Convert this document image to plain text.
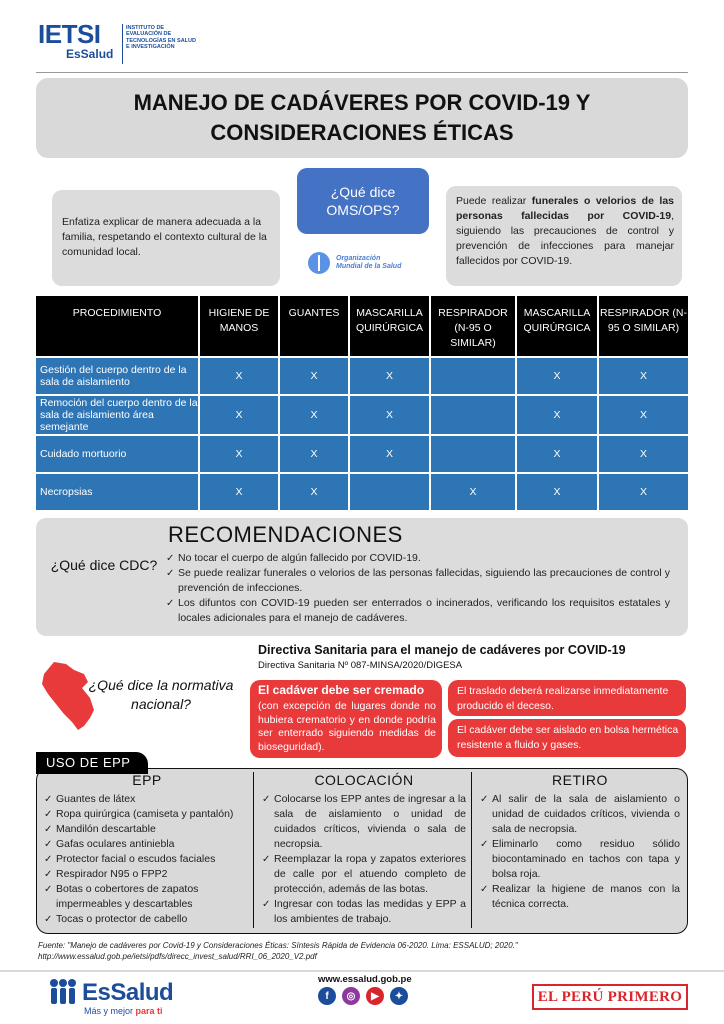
IETSI
EsSalud
INSTITUTO DE EVALUACIÓN DE TECNOLOGÍAS EN SALUD E INVESTIGACIÓN
MANEJO DE CADÁVERES POR COVID-19 Y CONSIDERACIONES ÉTICAS

Enfatiza explicar de manera adecuada a la familia, respetando el contexto cultural de la comunidad local.

Puede realizar funerales o velorios de las personas fallecidas por COVID-19, siguiendo las precauciones de control y prevención de infecciones para manejar fallecidos por COVID-19.

¿Qué dice OMS/OPS?
Organización Mundial de la Salud
PROCEDIMIENTO	HIGIENE DE MANOS
GUANTES	MASCARILLA QUIRÚRGICA
RESPIRADOR (N-95 O SIMILAR)
MASCARILLA QUIRÚRGICA
RESPIRADOR (N-95 O SIMILAR)
Gestión del cuerpo dentro de la sala de aislamiento	X	X	X	X	X
Remoción del cuerpo dentro de la sala de aislamiento área semejante
X	X	X	X	X
Cuidado mortuorio	X	X	X	X	X
Necropsias	X	X	X	X	X
RECOMENDACIONES
¿Qué dice CDC?
✓	No tocar el cuerpo de algún fallecido por COVID-19.
✓ Se puede realizar funerales o velorios de las personas fallecidas, siguiendo las precauciones de control y prevención de infecciones.
✓ Los difuntos con COVID-19 pueden ser enterrados o incinerados, verificando los requisitos estatales y locales adicionales para el manejo de cadáveres.
¿Qué dice la normativa nacional?
Directiva Sanitaria para el manejo de cadáveres por COVID-19
Directiva Sanitaria Nº 087-MINSA/2020/DIGESA
El cadáver debe ser cremado
(con excepción de lugares donde no hubiera crematorio y en donde podría ser enterrado siguiendo medidas de bioseguridad).

El traslado deberá realizarse inmediatamente producido el deceso.

El cadáver debe ser aislado en bolsa hermética resistente a fluido y gases.

USO DE EPP
EPP
✓ Guantes de látex
✓ Ropa quirúrgica (camiseta y pantalón)
✓ Mandilón descartable
✓ Gafas oculares antiniebla
✓ Protector facial o escudos faciales
✓ Respirador N95 o FPP2
✓ Botas o cobertores de zapatos impermeables y descartables
✓ Tocas o protector de cabello
COLOCACIÓN
✓ Colocarse los EPP antes de ingresar a la sala de aislamiento o unidad de cuidados críticos, vivienda o sala de necropsia.
✓ Reemplazar la ropa y zapatos exteriores de calle por el atuendo completo de protección, además de las botas.
✓ Ingresar con todas las medidas y EPP a los ambientes de trabajo.
RETIRO
✓ Al salir de la sala de aislamiento o unidad de cuidados críticos, vivienda o sala de necropsia.
✓ Eliminarlo como residuo sólido biocontaminado en tachos con tapa y bolsa roja.
✓ Realizar la higiene de manos con la técnica correcta.
Fuente: "Manejo de cadáveres por Covid-19 y Consideraciones Éticas: Síntesis Rápida de Evidencia 06-2020. Lima: ESSALUD; 2020." http://www.essalud.gob.pe/ietsi/pdfs/direcc_invest_salud/RRI_06_2020_V2.pdf
EsSalud
Más y mejor para ti
www.essalud.gob.pe
f	◎	▶	✦	EL PERÚ PRIMERO
